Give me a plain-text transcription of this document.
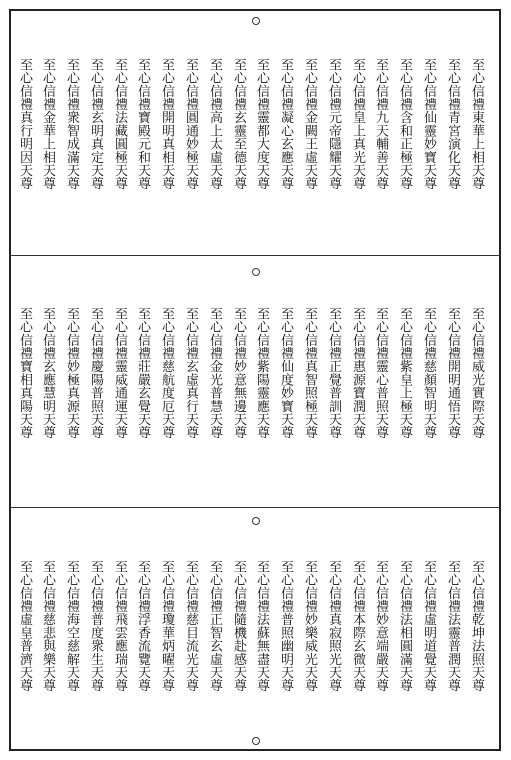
至心信禮東華上相天尊
至心信禮青宮演化天尊
至心信禮仙靈妙寶天尊
至心信禮含和正極天尊
至心信禮九天輔善天尊
至心信禮皇上真光天尊
至心信禮元帝隱耀天尊
至心信禮金闕王虛天尊
至心信禮凝心玄應天尊
至心信禮靈都大度天尊
至心信禮玄靈至德天尊
至心信禮高上太虛天尊
至心信禮圓通妙極天尊
至心信禮開明真相天尊
至心信禮寶殿元和天尊
至心信禮法藏圓極天尊
至心信禮玄明真定天尊
至心信禮衆智成滿天尊
至心信禮金華上相天尊
至心信禮真行明因天尊
至心信禮威光實際天尊
至心信禮開明通悟天尊
至心信禮慈顏智明天尊
至心信禮紫皇上極天尊
至心信禮靈心普照天尊
至心信禮惠源寶潤天尊
至心信禮正覺普訓天尊
至心信禮真智照極天尊
至心信禮仙度妙寶天尊
至心信禮紫陽靈應天尊
至心信禮妙意無邊天尊
至心信禮金光普慧天尊
至心信禮玄虛真行天尊
至心信禮慈航度厄天尊
至心信禮莊嚴玄覺天尊
至心信禮靈威通運天尊
至心信禮慶陽普照天尊
至心信禮妙極真源天尊
至心信禮玄應慧明天尊
至心信禮寶相真陽天尊
至心信禮乾坤法照天尊
至心信禮法靈普潤天尊
至心信禮虛明道覺天尊
至心信禮法相圓滿天尊
至心信禮妙意端嚴天尊
至心信禮本際玄微天尊
至心信禮真寂照光天尊
至心信禮妙樂威光天尊
至心信禮普照幽明天尊
至心信禮法蘇無盡天尊
至心信禮隨機赴感天尊
至心信禮正智玄虛天尊
至心信禮慈目流光天尊
至心信禮瓊華炳曜天尊
至心信禮浮香流覽天尊
至心信禮飛雲應瑞天尊
至心信禮普度衆生天尊
至心信禮海空慈解天尊
至心信禮慈悲與樂天尊
至心信禮虛皇普濟天尊
